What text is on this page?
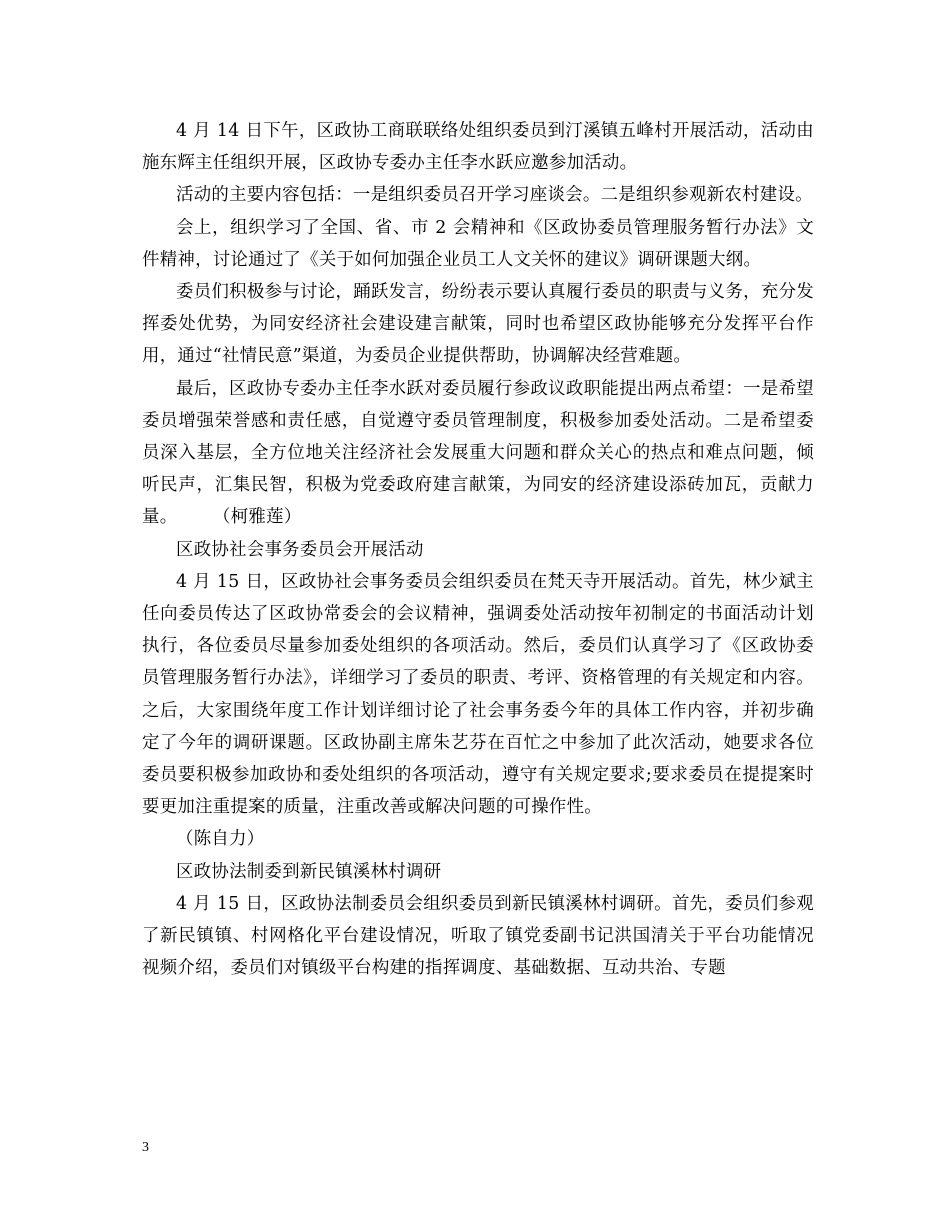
4 月 14 日下午，区政协工商联联络处组织委员到汀溪镇五峰村开展活动，活动由施东辉主任组织开展，区政协专委办主任李水跃应邀参加活动。

活动的主要内容包括：一是组织委员召开学习座谈会。二是组织参观新农村建设。

会上，组织学习了全国、省、市 2 会精神和《区政协委员管理服务暂行办法》文件精神，讨论通过了《关于如何加强企业员工人文关怀的建议》调研课题大纲。

委员们积极参与讨论，踊跃发言，纷纷表示要认真履行委员的职责与义务，充分发挥委处优势，为同安经济社会建设建言献策，同时也希望区政协能够充分发挥平台作用，通过“社情民意”渠道，为委员企业提供帮助，协调解决经营难题。

最后，区政协专委办主任李水跃对委员履行参政议政职能提出两点希望：一是希望委员增强荣誉感和责任感，自觉遵守委员管理制度，积极参加委处活动。二是希望委员深入基层，全方位地关注经济社会发展重大问题和群众关心的热点和难点问题，倾听民声，汇集民智，积极为党委政府建言献策，为同安的经济建设添砖加瓦，贡献力量。　　　（柯雅莲）

区政协社会事务委员会开展活动

4 月 15 日，区政协社会事务委员会组织委员在梵天寺开展活动。首先，林少斌主任向委员传达了区政协常委会的会议精神，强调委处活动按年初制定的书面活动计划执行，各位委员尽量参加委处组织的各项活动。然后，委员们认真学习了《区政协委员管理服务暂行办法》，详细学习了委员的职责、考评、资格管理的有关规定和内容。之后，大家围绕年度工作计划详细讨论了社会事务委今年的具体工作内容，并初步确定了今年的调研课题。区政协副主席朱艺芬在百忙之中参加了此次活动，她要求各位委员要积极参加政协和委处组织的各项活动，遵守有关规定要求;要求委员在提提案时要更加注重提案的质量，注重改善或解决问题的可操作性。

（陈自力）

区政协法制委到新民镇溪林村调研

4 月 15 日，区政协法制委员会组织委员到新民镇溪林村调研。首先，委员们参观了新民镇镇、村网格化平台建设情况，听取了镇党委副书记洪国清关于平台功能情况视频介绍，委员们对镇级平台构建的指挥调度、基础数据、互动共治、专题

3
